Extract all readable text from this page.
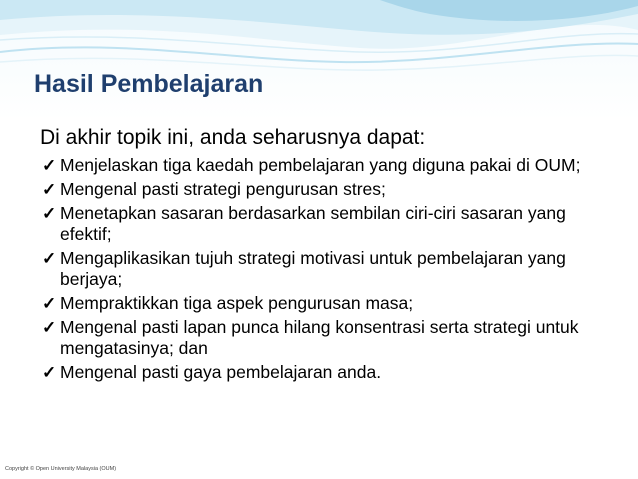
Hasil Pembelajaran
Di akhir topik ini, anda seharusnya dapat:
✓ Menjelaskan tiga kaedah pembelajaran yang diguna pakai di OUM;
✓ Mengenal pasti strategi pengurusan stres;
✓ Menetapkan sasaran berdasarkan sembilan ciri-ciri sasaran yang efektif;
✓ Mengaplikasikan tujuh strategi motivasi untuk pembelajaran yang berjaya;
✓ Mempraktikkan tiga aspek pengurusan masa;
✓ Mengenal pasti lapan punca hilang konsentrasi serta strategi untuk mengatasinya; dan
✓ Mengenal pasti gaya pembelajaran anda.
Copyright © Open University Malaysia (OUM)
